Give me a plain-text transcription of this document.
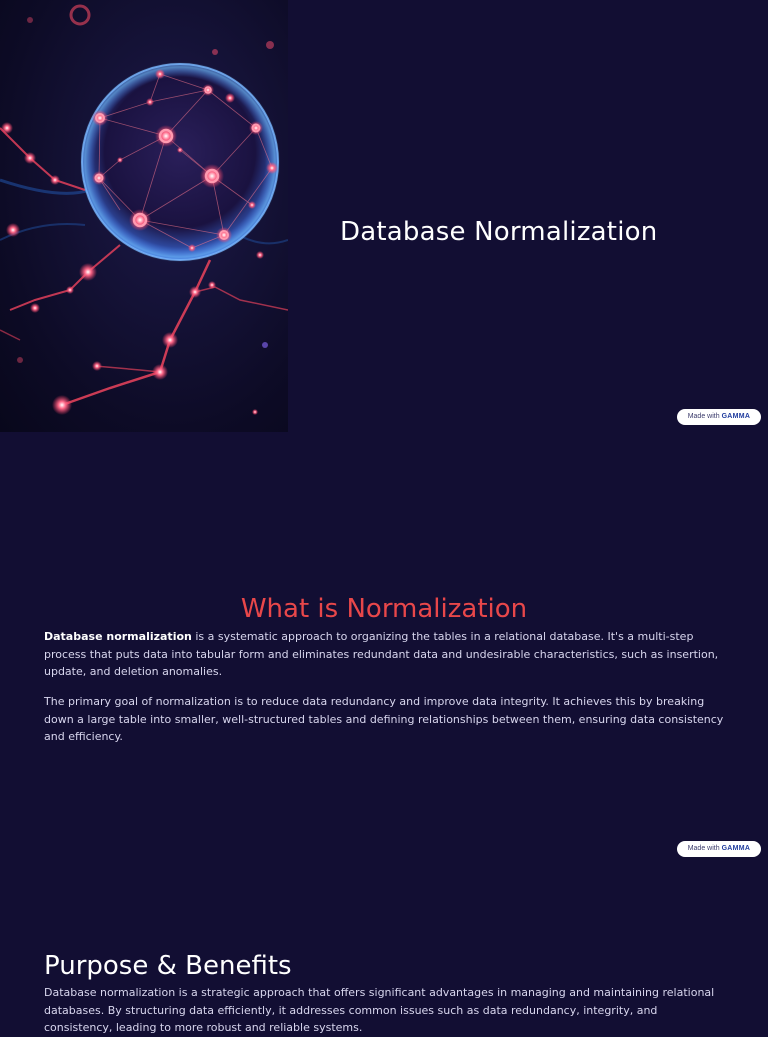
Database Normalization
Made with GAMMA
What is Normalization

Database normalization is a systematic approach to organizing the tables in a relational database. It's a multi-step process that puts data into tabular form and eliminates redundant data and undesirable characteristics, such as insertion, update, and deletion anomalies.

The primary goal of normalization is to reduce data redundancy and improve data integrity. It achieves this by breaking down a large table into smaller, well-structured tables and defining relationships between them, ensuring data consistency and efficiency.

Made with GAMMA
Purpose & Benefits

Database normalization is a strategic approach that offers significant advantages in managing and maintaining relational databases. By structuring data efficiently, it addresses common issues such as data redundancy, integrity, and consistency, leading to more robust and reliable systems.
